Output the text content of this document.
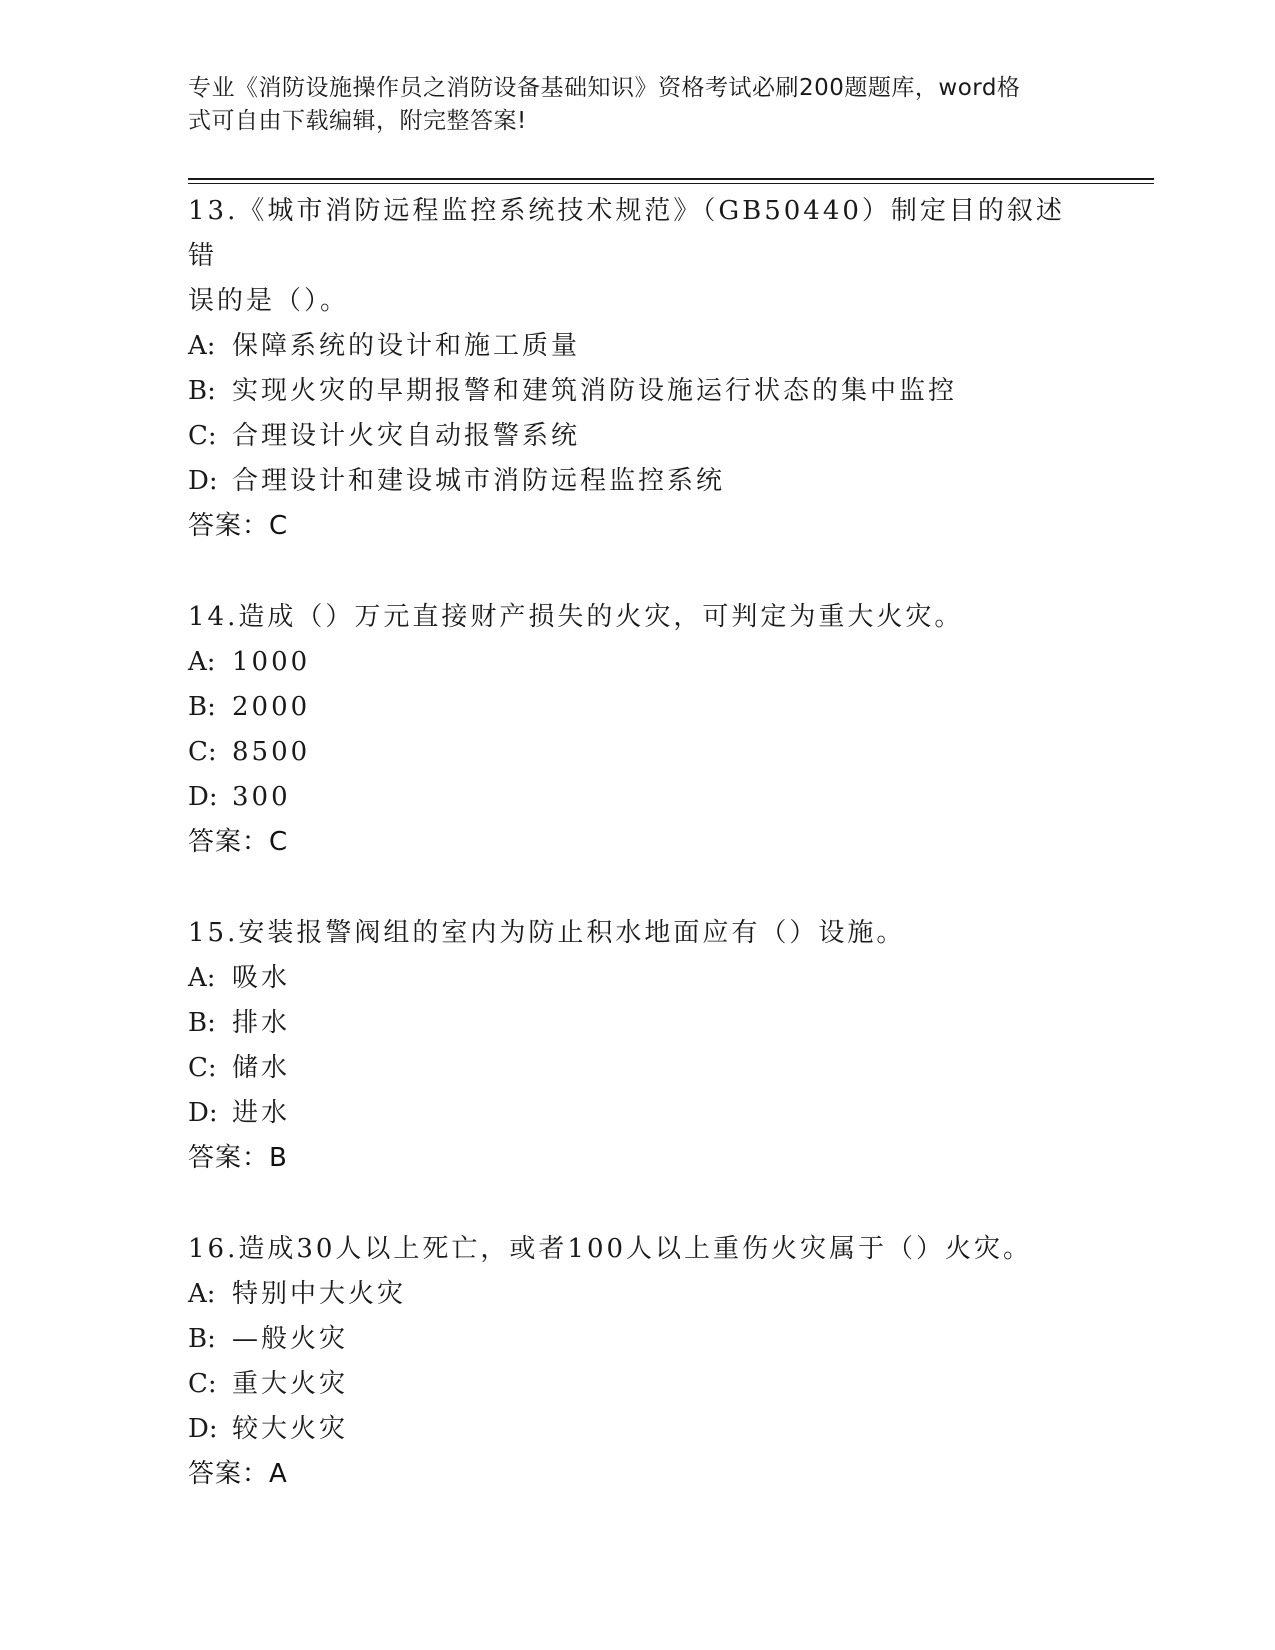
专业《消防设施操作员之消防设备基础知识》资格考试必刷200题题库，word格
式可自由下载编辑，附完整答案!
13.《城市消防远程监控系统技术规范》（GB50440）制定目的叙述错
误的是（）。
A: 保障系统的设计和施工质量
B: 实现火灾的早期报警和建筑消防设施运行状态的集中监控
C: 合理设计火灾自动报警系统
D: 合理设计和建设城市消防远程监控系统
答案：C
14.造成（）万元直接财产损失的火灾，可判定为重大火灾。
A: 1000
B: 2000
C: 8500
D: 300
答案：C
15.安装报警阀组的室内为防止积水地面应有（）设施。
A: 吸水
B: 排水
C: 储水
D: 进水
答案：B
16.造成30人以上死亡，或者100人以上重伤火灾属于（）火灾。
A: 特别中大火灾
B: —般火灾
C: 重大火灾
D: 较大火灾
答案：A
